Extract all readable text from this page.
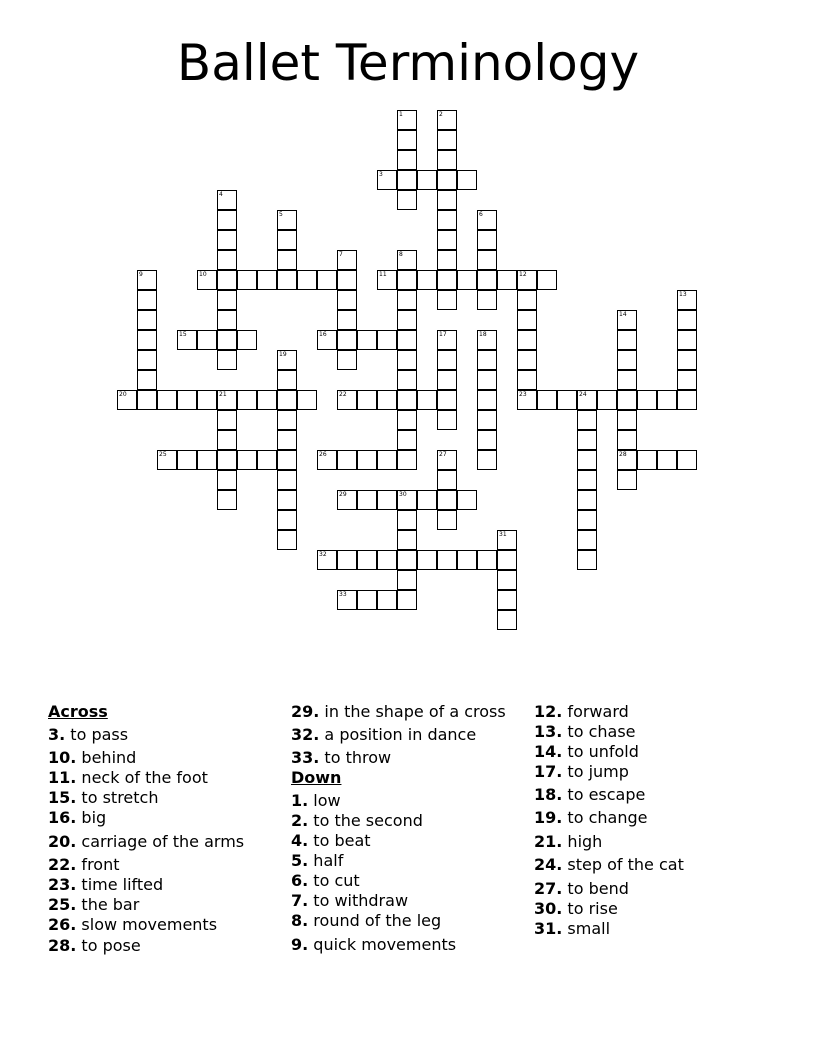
Ballet Terminology
3
10	11	12
15	16
20	21	22	23	24
25	26	28
29	30
32
33
1	2
4
5	6
7	8
9
13
14
17	18
19
27
31
Across
3. to pass
10. behind
11. neck of the foot
15. to stretch
16. big
20. carriage of the arms
22. front
23. time lifted
25. the bar
26. slow movements
28. to pose
29. in the shape of a cross
32. a position in dance
33. to throw
Down
1. low
2. to the second
4. to beat
5. half
6. to cut
7. to withdraw
8. round of the leg
9. quick movements
12. forward
13. to chase
14. to unfold
17. to jump
18. to escape
19. to change
21. high
24. step of the cat
27. to bend
30. to rise
31. small
